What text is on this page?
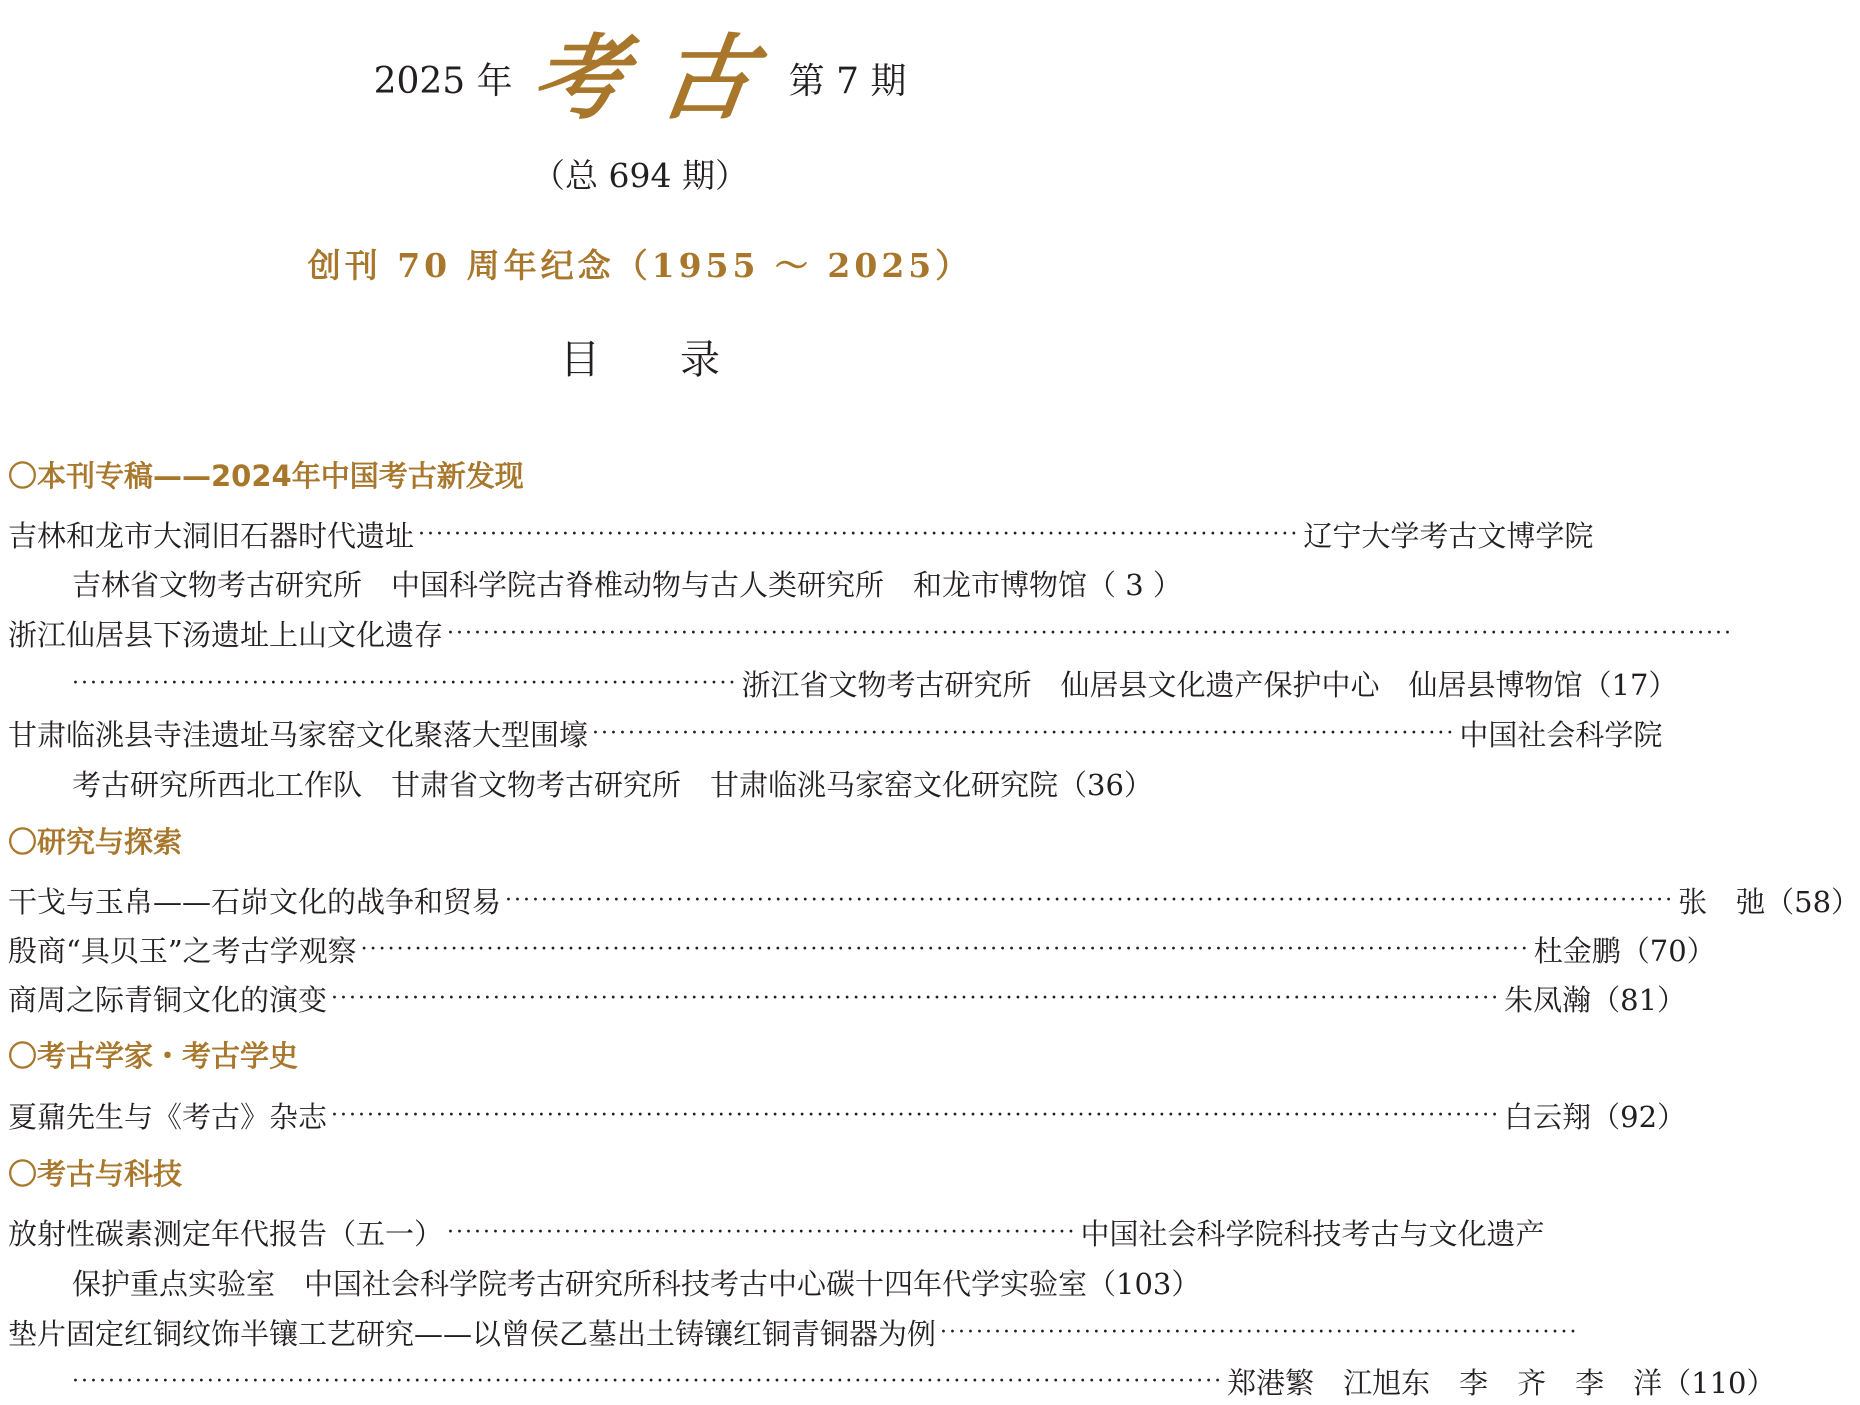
2025 年 考古
第 7 期
（总 694 期）
创刊 70 周年纪念（1955 ～ 2025）
目录
〇本刊专稿——2024年中国考古新发现
吉林和龙市大洞旧石器时代遗址 ·································································································· 辽宁大学考古文博学院
吉林省文物考古研究所　中国科学院古脊椎动物与古人类研究所　和龙市博物馆（ 3 ）
浙江仙居县下汤遗址上山文化遗存 ···············································································································································
·········································································· 浙江省文物考古研究所　仙居县文化遗产保护中心　仙居县博物馆（17）
甘肃临洮县寺洼遗址马家窑文化聚落大型围壕 ································································································ 中国社会科学院
考古研究所西北工作队　甘肃省文物考古研究所　甘肃临洮马家窑文化研究院（36）
〇研究与探索
干戈与玉帛——石峁文化的战争和贸易 ·································································································································· 张　弛（58）
殷商“具贝玉”之考古学观察 ·································································································································· 杜金鹏（70）
商周之际青铜文化的演变 ·································································································································· 朱凤瀚（81）
〇考古学家・考古学史
夏鼐先生与《考古》杂志 ·································································································································· 白云翔（92）
〇考古与科技
放射性碳素测定年代报告（五一） ······································································ 中国社会科学院科技考古与文化遗产
保护重点实验室　中国社会科学院考古研究所科技考古中心碳十四年代学实验室（103）
垫片固定红铜纹饰半镶工艺研究——以曾侯乙墓出土铸镶红铜青铜器为例 ·······································································
································································································································ 郑港繁　江旭东　李　齐　李　洋（110）
